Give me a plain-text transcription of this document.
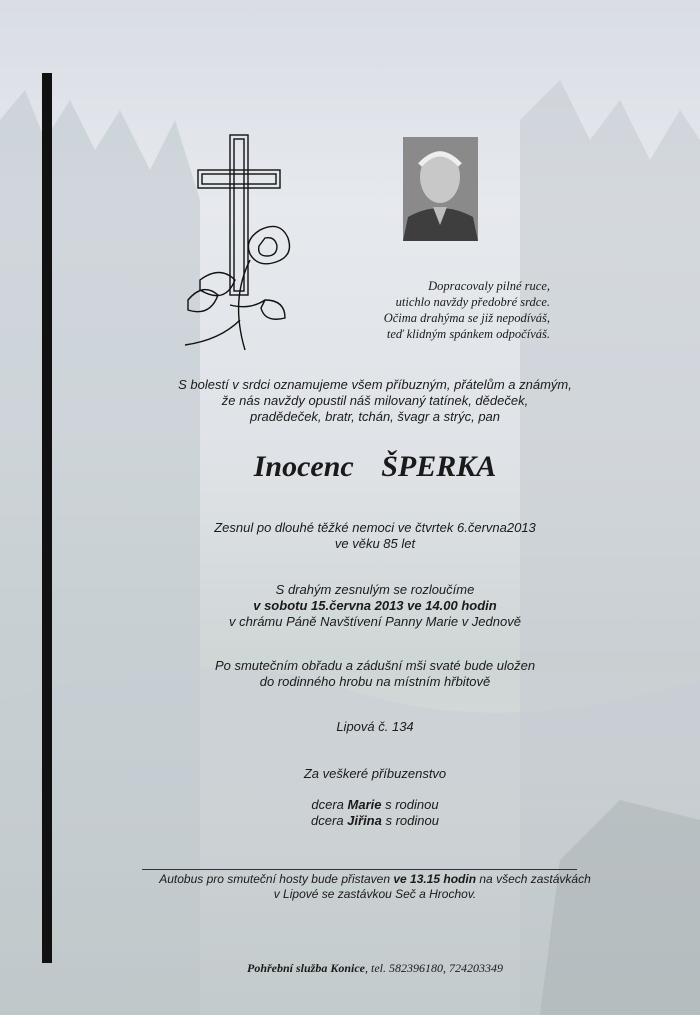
Dopracovaly pilné ruce,
utichlo navždy předobré srdce.
Očima drahýma se již nepodíváš,
teď klidným spánkem odpočíváš.
S bolestí v srdci oznamujeme všem příbuzným, přátelům a známým,
že nás navždy opustil náš milovaný tatínek, dědeček,
pradědeček, bratr, tchán, švagr a strýc, pan
Inocenc ŠPERKA
Zesnul po dlouhé těžké nemoci ve čtvrtek 6.června2013
ve věku 85 let
S drahým zesnulým se rozloučíme
v sobotu 15.června 2013 ve 14.00 hodin
v chrámu Páně Navštívení Panny Marie v Jednově
Po smutečním obřadu a zádušní mši svaté bude uložen
do rodinného hrobu na místním hřbitově
Lipová č. 134
Za veškeré příbuzenstvo
dcera Marie s rodinou
dcera Jiřina s rodinou
Autobus pro smuteční hosty bude přistaven ve 13.15 hodin na všech zastávkách
v Lipové se zastávkou Seč a Hrochov.
Pohřební služba Konice, tel. 582396180, 724203349
